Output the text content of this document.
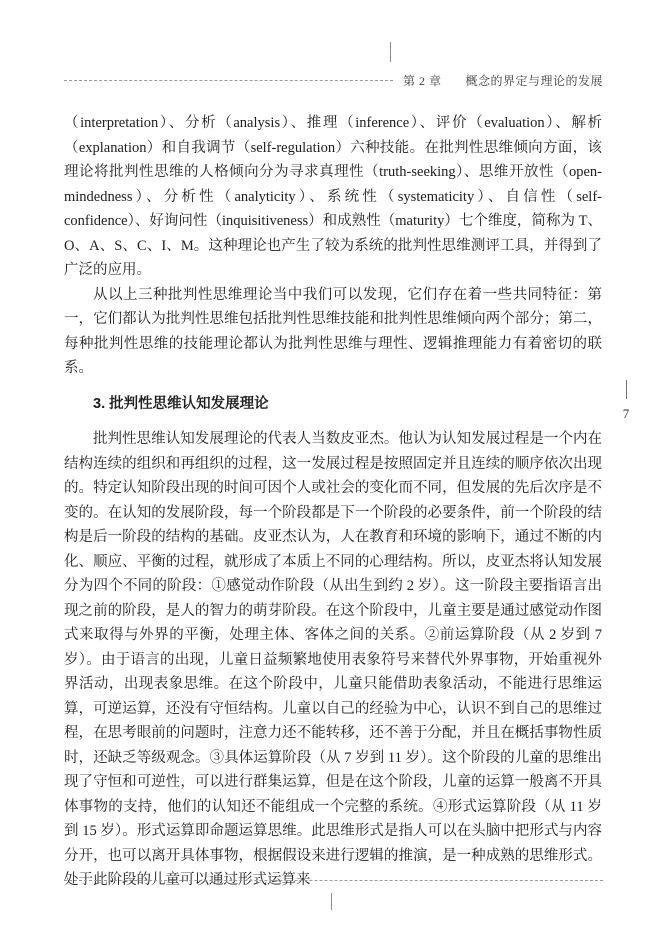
第 2 章 概念的界定与理论的发展
7

（interpretation）、分析（analysis）、推理（inference）、评价（evaluation）、解析（explanation）和自我调节（self-regulation）六种技能。在批判性思维倾向方面，该理论将批判性思维的人格倾向分为寻求真理性（truth-seeking）、思维开放性（open-mindedness）、分析性（analyticity）、系统性（systematicity）、自信性（self-confidence）、好询问性（inquisitiveness）和成熟性（maturity）七个维度，简称为 T、O、A、S、C、I、M。这种理论也产生了较为系统的批判性思维测评工具，并得到了广泛的应用。

从以上三种批判性思维理论当中我们可以发现，它们存在着一些共同特征：第一，它们都认为批判性思维包括批判性思维技能和批判性思维倾向两个部分；第二，每种批判性思维的技能理论都认为批判性思维与理性、逻辑推理能力有着密切的联系。

3. 批判性思维认知发展理论

批判性思维认知发展理论的代表人当数皮亚杰。他认为认知发展过程是一个内在结构连续的组织和再组织的过程，这一发展过程是按照固定并且连续的顺序依次出现的。特定认知阶段出现的时间可因个人或社会的变化而不同，但发展的先后次序是不变的。在认知的发展阶段，每一个阶段都是下一个阶段的必要条件，前一个阶段的结构是后一阶段的结构的基础。皮亚杰认为，人在教育和环境的影响下，通过不断的内化、顺应、平衡的过程，就形成了本质上不同的心理结构。所以，皮亚杰将认知发展分为四个不同的阶段：①感觉动作阶段（从出生到约 2 岁）。这一阶段主要指语言出现之前的阶段，是人的智力的萌芽阶段。在这个阶段中，儿童主要是通过感觉动作图式来取得与外界的平衡，处理主体、客体之间的关系。②前运算阶段（从 2 岁到 7 岁）。由于语言的出现，儿童日益频繁地使用表象符号来替代外界事物，开始重视外界活动，出现表象思维。在这个阶段中，儿童只能借助表象活动，不能进行思维运算，可逆运算，还没有守恒结构。儿童以自己的经验为中心，认识不到自己的思维过程，在思考眼前的问题时，注意力还不能转移，还不善于分配，并且在概括事物性质时，还缺乏等级观念。③具体运算阶段（从 7 岁到 11 岁）。这个阶段的儿童的思维出现了守恒和可逆性，可以进行群集运算，但是在这个阶段，儿童的运算一般离不开具体事物的支持，他们的认知还不能组成一个完整的系统。④形式运算阶段（从 11 岁到 15 岁）。形式运算即命题运算思维。此思维形式是指人可以在头脑中把形式与内容分开，也可以离开具体事物，根据假设来进行逻辑的推演，是一种成熟的思维形式。处于此阶段的儿童可以通过形式运算来
